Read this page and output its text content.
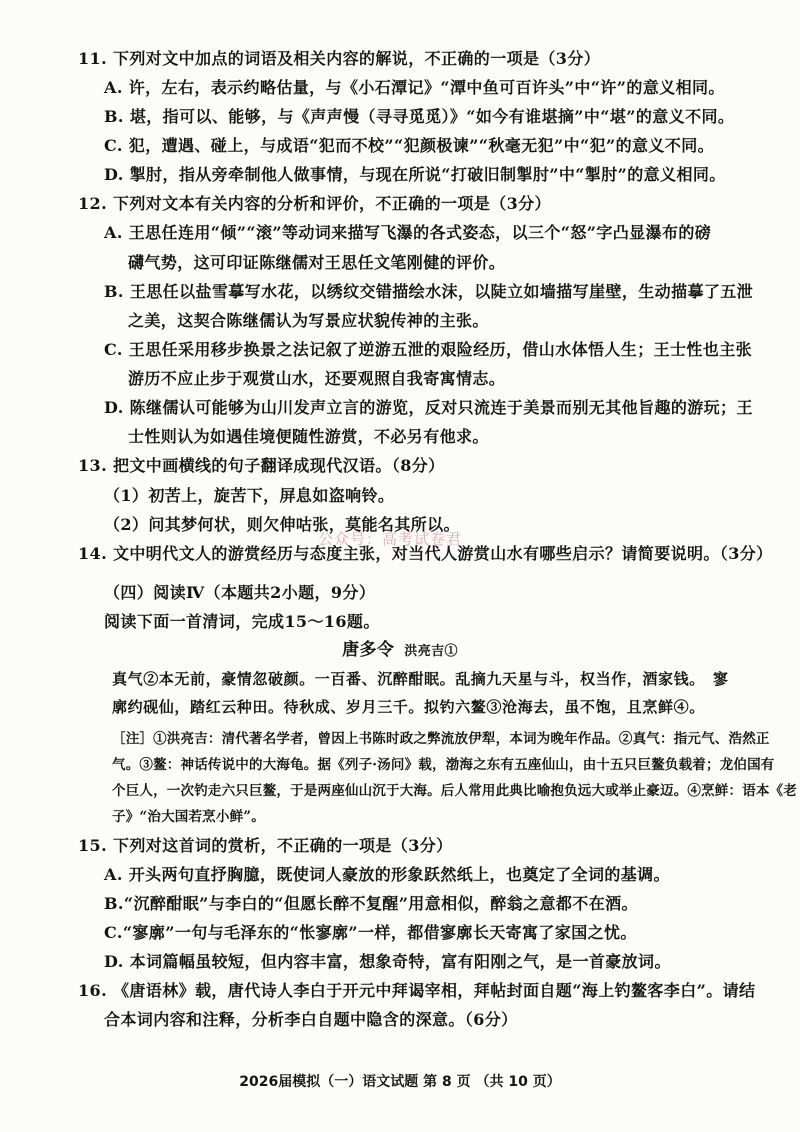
11. 下列对文中加点的词语及相关内容的解说，不正确的一项是（3分）
A. 许，左右，表示约略估量，与《小石潭记》“潭中鱼可百许头”中“许”的意义相同。
B. 堪，指可以、能够，与《声声慢（寻寻觅觅）》“如今有谁堪摘”中“堪”的意义不同。
C. 犯，遭遇、碰上，与成语“犯而不校”“犯颜极谏”“秋毫无犯”中“犯”的意义不同。
D. 掣肘，指从旁牵制他人做事情，与现在所说“打破旧制掣肘”中“掣肘”的意义相同。
12. 下列对文本有关内容的分析和评价，不正确的一项是（3分）
A. 王思任连用“倾”“滚”等动词来描写飞瀑的各式姿态，以三个“怒”字凸显瀑布的磅
礴气势，这可印证陈继儒对王思任文笔刚健的评价。
B. 王思任以盐雪摹写水花，以绣纹交错描绘水沫，以陡立如墙描写崖壁，生动描摹了五泄
之美，这契合陈继儒认为写景应状貌传神的主张。
C. 王思任采用移步换景之法记叙了逆游五泄的艰险经历，借山水体悟人生；王士性也主张
游历不应止步于观赏山水，还要观照自我寄寓情志。
D. 陈继儒认可能够为山川发声立言的游览，反对只流连于美景而别无其他旨趣的游玩；王
士性则认为如遇佳境便随性游赏，不必另有他求。
13. 把文中画横线的句子翻译成现代汉语。（8分）
（1）初苦上，旋苦下，屏息如盗响铃。
（2）问其梦何状，则欠伸咕张，莫能名其所以。
14. 文中明代文人的游赏经历与态度主张，对当代人游赏山水有哪些启示？请简要说明。（3分）
公众号：高考试卷君
（四）阅读Ⅳ（本题共2小题，9分）
阅读下面一首清词，完成15～16题。
唐多令 洪亮吉①
真气②本无前，豪情忽破颜。一百番、沉醉酣眠。乱摘九天星与斗，权当作，酒家钱。　寥
廓约砚仙，踏红云种田。待秋成、岁月三千。拟钓六鳌③沧海去，虽不饱，且烹鲜④。
［注］①洪亮吉：清代著名学者，曾因上书陈时政之弊流放伊犁，本词为晚年作品。②真气：指元气、浩然正
气。③鳌：神话传说中的大海龟。据《列子·汤问》载，渤海之东有五座仙山，由十五只巨鳌负载着；龙伯国有
个巨人，一次钓走六只巨鳌，于是两座仙山沉于大海。后人常用此典比喻抱负远大或举止豪迈。④烹鲜：语本《老
子》“治大国若烹小鲜”。
15. 下列对这首词的赏析，不正确的一项是（3分）
A. 开头两句直抒胸臆，既使词人豪放的形象跃然纸上，也奠定了全词的基调。
B.“沉醉酣眠”与李白的“但愿长醉不复醒”用意相似，醉翁之意都不在酒。
C.“寥廓”一句与毛泽东的“怅寥廓”一样，都借寥廓长天寄寓了家国之忧。
D. 本词篇幅虽较短，但内容丰富，想象奇特，富有阳刚之气，是一首豪放词。
16. 《唐语林》载，唐代诗人李白于开元中拜谒宰相，拜帖封面自题“海上钓鳌客李白”。请结
合本词内容和注释，分析李白自题中隐含的深意。（6分）
2026届模拟（一）语文试题 第 8 页 （共 10 页）
